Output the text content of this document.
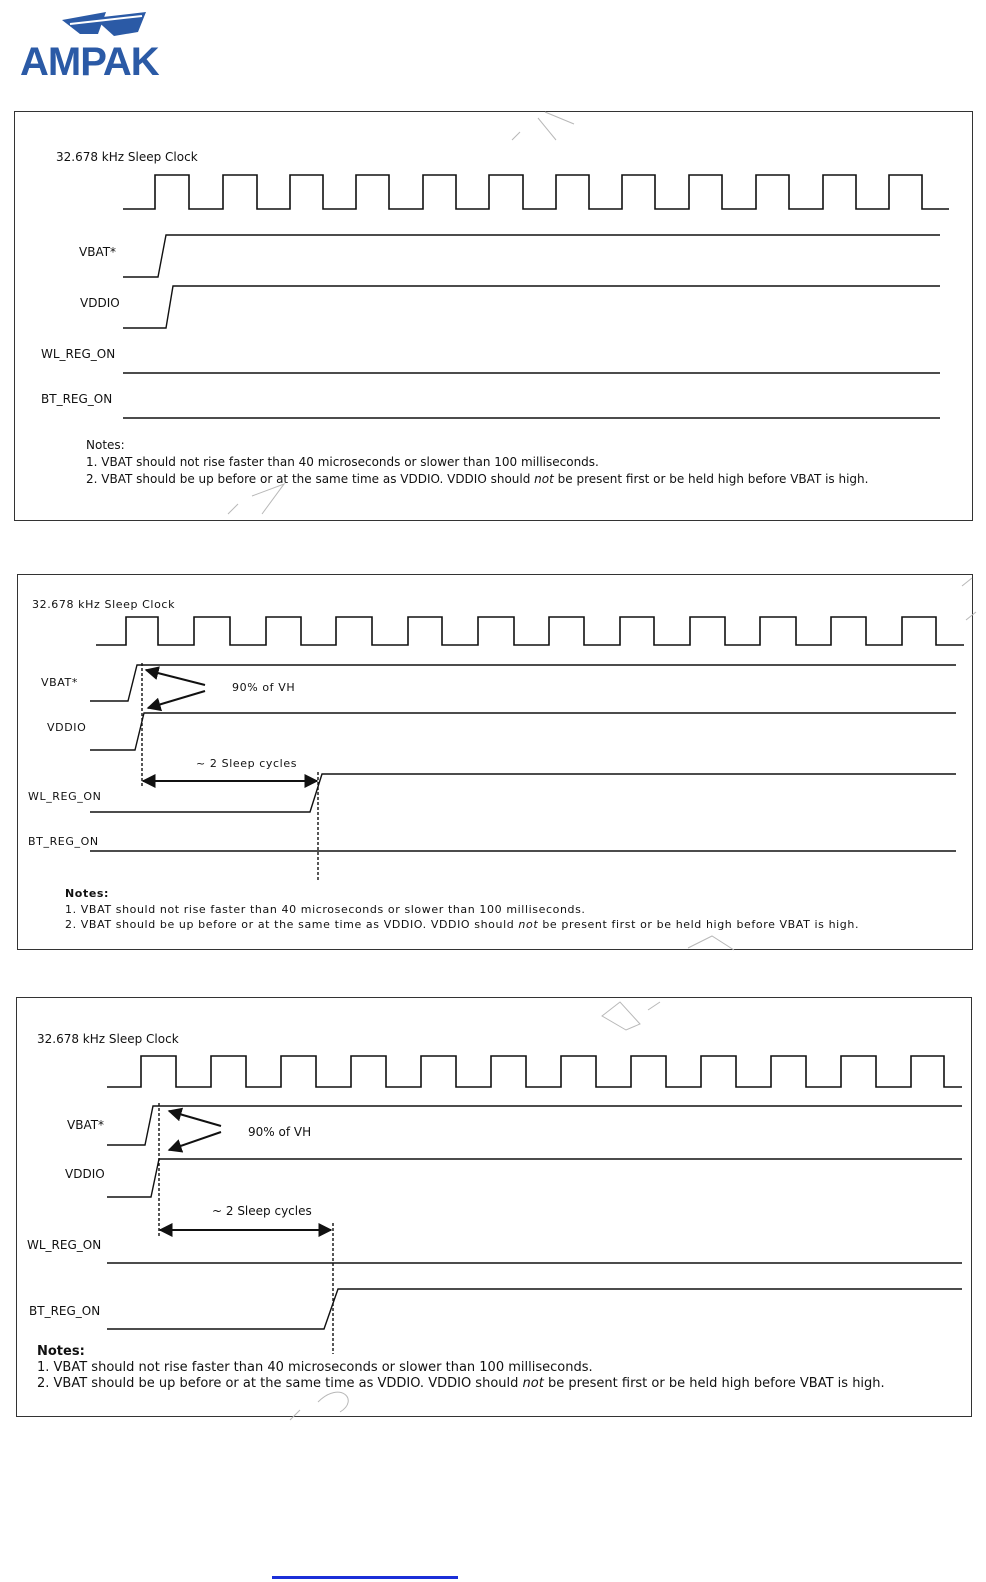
AMPAK
32.678 kHz Sleep Clock
VBAT*
VDDIO
WL_REG_ON
BT_REG_ON
Notes:
1. VBAT should not rise faster than 40 microseconds or slower than 100 milliseconds.
2. VBAT should be up before or at the same time as VDDIO. VDDIO should not be present first or be held high before VBAT is high.
32.678 kHz Sleep Clock
VBAT*
VDDIO
90% of VH
~ 2 Sleep cycles
WL_REG_ON
BT_REG_ON
Notes:
1. VBAT should not rise faster than 40 microseconds or slower than 100 milliseconds.
2. VBAT should be up before or at the same time as VDDIO. VDDIO should not be present first or be held high before VBAT is high.
32.678 kHz Sleep Clock
VBAT*
VDDIO
90% of VH
~ 2 Sleep cycles
WL_REG_ON
BT_REG_ON
Notes:
1. VBAT should not rise faster than 40 microseconds or slower than 100 milliseconds.
2. VBAT should be up before or at the same time as VDDIO. VDDIO should not be present first or be held high before VBAT is high.
